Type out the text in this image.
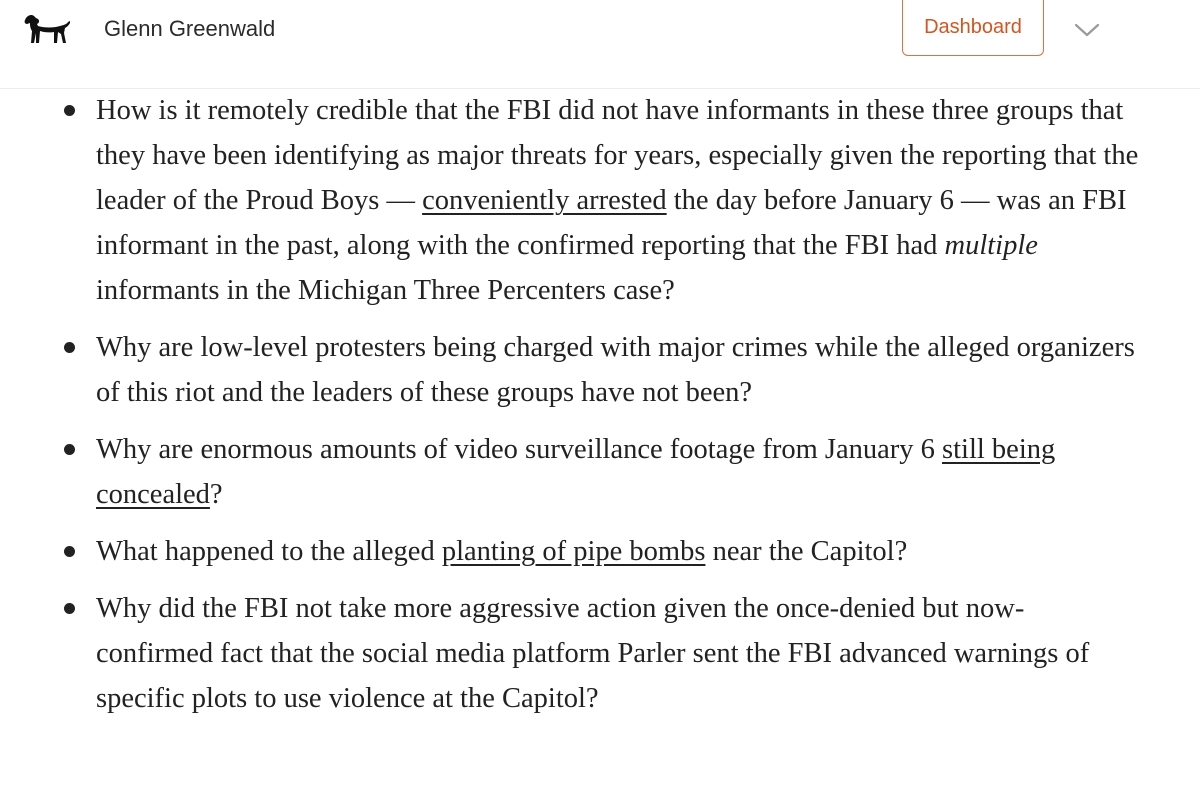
Glenn Greenwald	Dashboard
How is it remotely credible that the FBI did not have informants in these three groups that they have been identifying as major threats for years, especially given the reporting that the leader of the Proud Boys — conveniently arrested the day before January 6 — was an FBI informant in the past, along with the confirmed reporting that the FBI had multiple informants in the Michigan Three Percenters case?
Why are low-level protesters being charged with major crimes while the alleged organizers of this riot and the leaders of these groups have not been?
Why are enormous amounts of video surveillance footage from January 6 still being concealed?
What happened to the alleged planting of pipe bombs near the Capitol?
Why did the FBI not take more aggressive action given the once-denied but now-confirmed fact that the social media platform Parler sent the FBI advanced warnings of specific plots to use violence at the Capitol?
